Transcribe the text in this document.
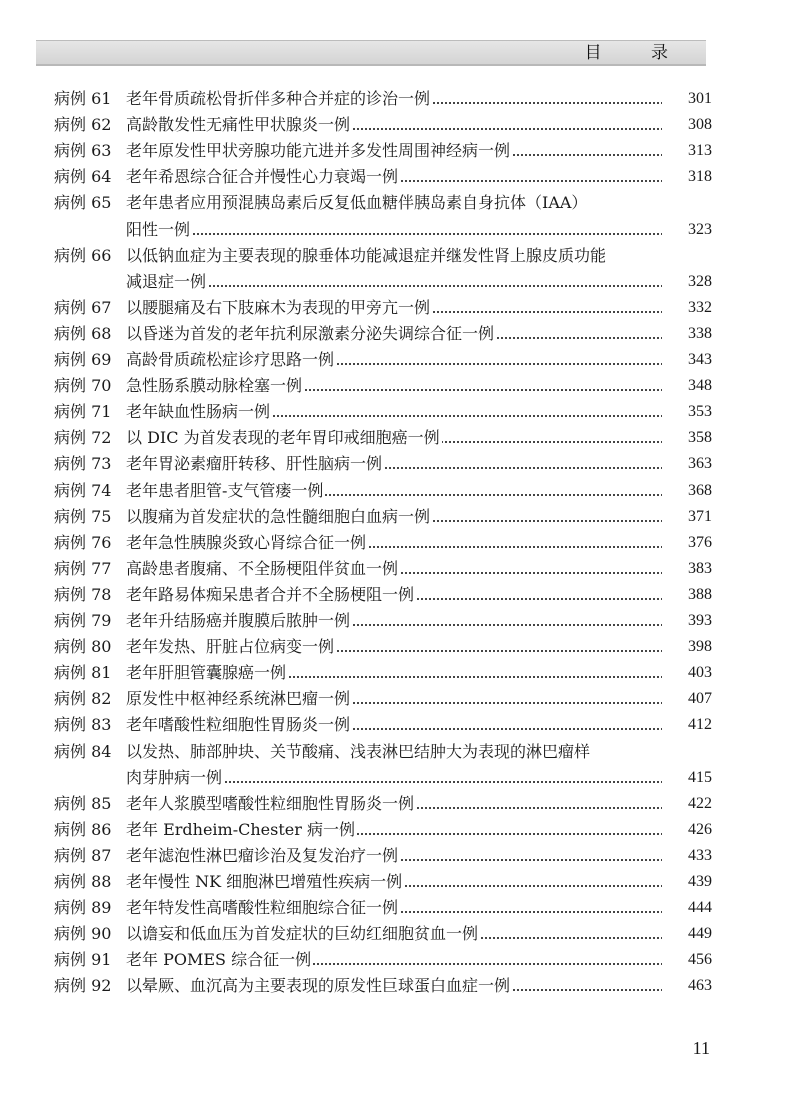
目 录
病例 61 老年骨质疏松骨折伴多种合并症的诊治一例	301
病例 62 高龄散发性无痛性甲状腺炎一例	308
病例 63 老年原发性甲状旁腺功能亢进并多发性周围神经病一例	313
病例 64 老年希恩综合征合并慢性心力衰竭一例	318
病例 65 老年患者应用预混胰岛素后反复低血糖伴胰岛素自身抗体（IAA）
阳性一例	323
病例 66 以低钠血症为主要表现的腺垂体功能减退症并继发性肾上腺皮质功能
减退症一例	328
病例 67 以腰腿痛及右下肢麻木为表现的甲旁亢一例	332
病例 68 以昏迷为首发的老年抗利尿激素分泌失调综合征一例	338
病例 69 高龄骨质疏松症诊疗思路一例	343
病例 70 急性肠系膜动脉栓塞一例	348
病例 71 老年缺血性肠病一例	353
病例 72 以 DIC 为首发表现的老年胃印戒细胞癌一例	358
病例 73 老年胃泌素瘤肝转移、肝性脑病一例	363
病例 74 老年患者胆管-支气管瘘一例	368
病例 75 以腹痛为首发症状的急性髓细胞白血病一例	371
病例 76 老年急性胰腺炎致心肾综合征一例	376
病例 77 高龄患者腹痛、不全肠梗阻伴贫血一例	383
病例 78 老年路易体痴呆患者合并不全肠梗阻一例	388
病例 79 老年升结肠癌并腹膜后脓肿一例	393
病例 80 老年发热、肝脏占位病变一例	398
病例 81 老年肝胆管囊腺癌一例	403
病例 82 原发性中枢神经系统淋巴瘤一例	407
病例 83 老年嗜酸性粒细胞性胃肠炎一例	412
病例 84 以发热、肺部肿块、关节酸痛、浅表淋巴结肿大为表现的淋巴瘤样
肉芽肿病一例	415
病例 85 老年人浆膜型嗜酸性粒细胞性胃肠炎一例	422
病例 86 老年 Erdheim-Chester 病一例	426
病例 87 老年滤泡性淋巴瘤诊治及复发治疗一例	433
病例 88 老年慢性 NK 细胞淋巴增殖性疾病一例	439
病例 89 老年特发性高嗜酸性粒细胞综合征一例	444
病例 90 以谵妄和低血压为首发症状的巨幼红细胞贫血一例	449
病例 91 老年 POMES 综合征一例	456
病例 92 以晕厥、血沉高为主要表现的原发性巨球蛋白血症一例	463
11
